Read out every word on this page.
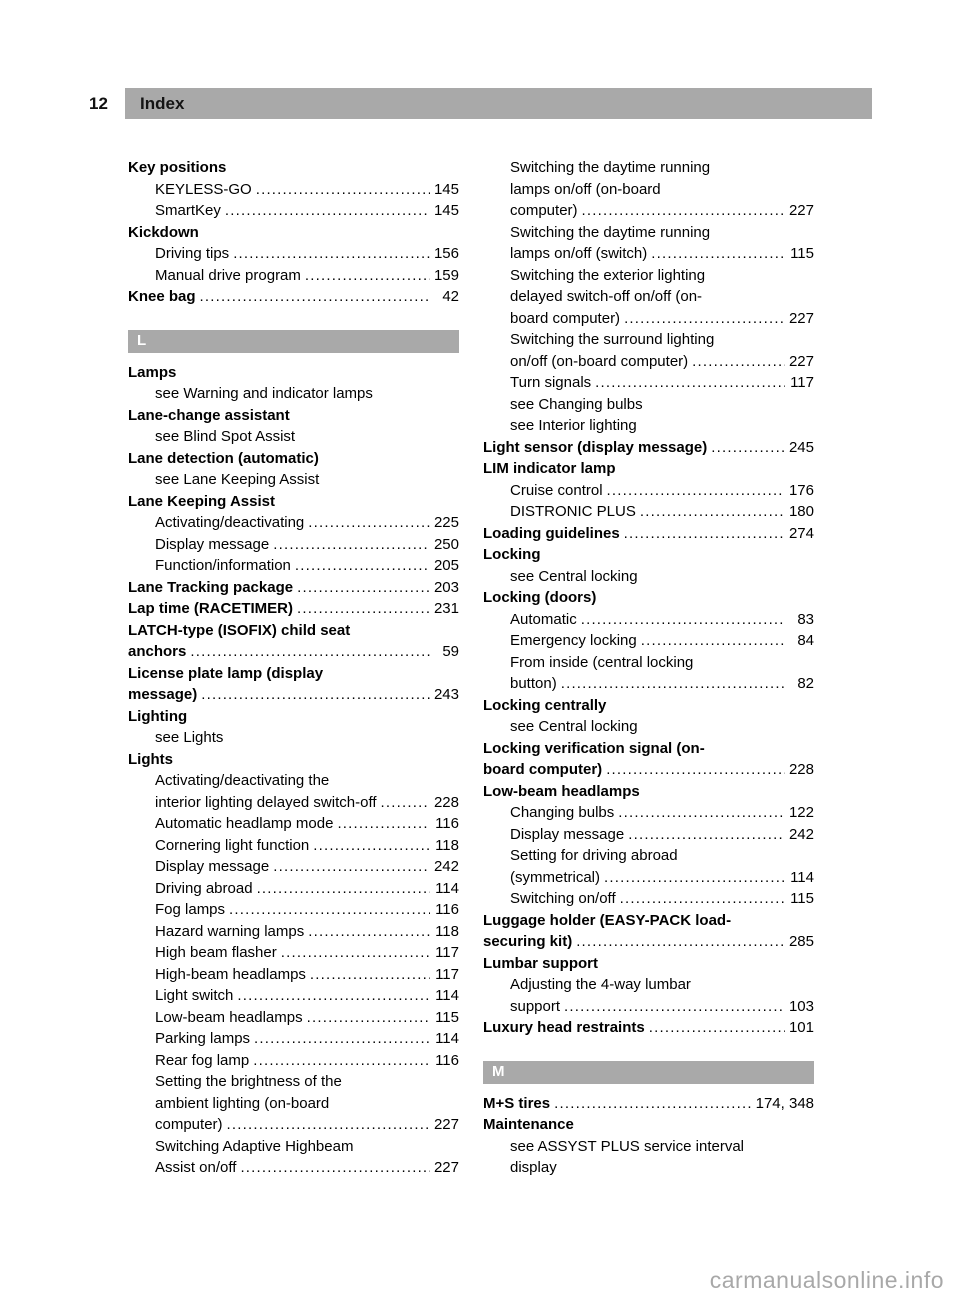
12 Index
Key positions
KEYLESS-GO .....	145
SmartKey .....	145
Kickdown
Driving tips .....	156
Manual drive program .....	159
Knee bag .....	42
L
Lamps
see Warning and indicator lamps
Lane-change assistant
see Blind Spot Assist
Lane detection (automatic)
see Lane Keeping Assist
Lane Keeping Assist
Activating/deactivating .....	225
Display message .....	250
Function/information .....	205
Lane Tracking package .....	203
Lap time (RACETIMER) .....	231
LATCH-type (ISOFIX) child seat
anchors .....	59
License plate lamp (display
message) .....	243
Lighting
see Lights
Lights
Activating/deactivating the
interior lighting delayed switch-off .....	228
Automatic headlamp mode .....	116
Cornering light function .....	118
Display message .....	242
Driving abroad .....	114
Fog lamps .....	116
Hazard warning lamps .....	118
High beam flasher .....	117
High-beam headlamps .....	117
Light switch .....	114
Low-beam headlamps .....	115
Parking lamps .....	114
Rear fog lamp .....	116
Setting the brightness of the
ambient lighting (on-board
computer) .....	227
Switching Adaptive Highbeam
Assist on/off .....	227
Switching the daytime running
lamps on/off (on-board
computer) .....	227
Switching the daytime running
lamps on/off (switch) .....	115
Switching the exterior lighting
delayed switch-off on/off (on-
board computer) .....	227
Switching the surround lighting
on/off (on-board computer) .....	227
Turn signals .....	117
see Changing bulbs
see Interior lighting
Light sensor (display message) .....	245
LIM indicator lamp
Cruise control .....	176
DISTRONIC PLUS .....	180
Loading guidelines .....	274
Locking
see Central locking
Locking (doors)
Automatic .....	83
Emergency locking .....	84
From inside (central locking
button) .....	82
Locking centrally
see Central locking
Locking verification signal (on-
board computer) .....	228
Low-beam headlamps
Changing bulbs .....	122
Display message .....	242
Setting for driving abroad
(symmetrical) .....	114
Switching on/off .....	115
Luggage holder (EASY-PACK load-
securing kit) .....	285
Lumbar support
Adjusting the 4-way lumbar
support .....	103
Luxury head restraints .....	101
M
M+S tires .....	174, 348
Maintenance
see ASSYST PLUS service interval
display
carmanualsonline.info
